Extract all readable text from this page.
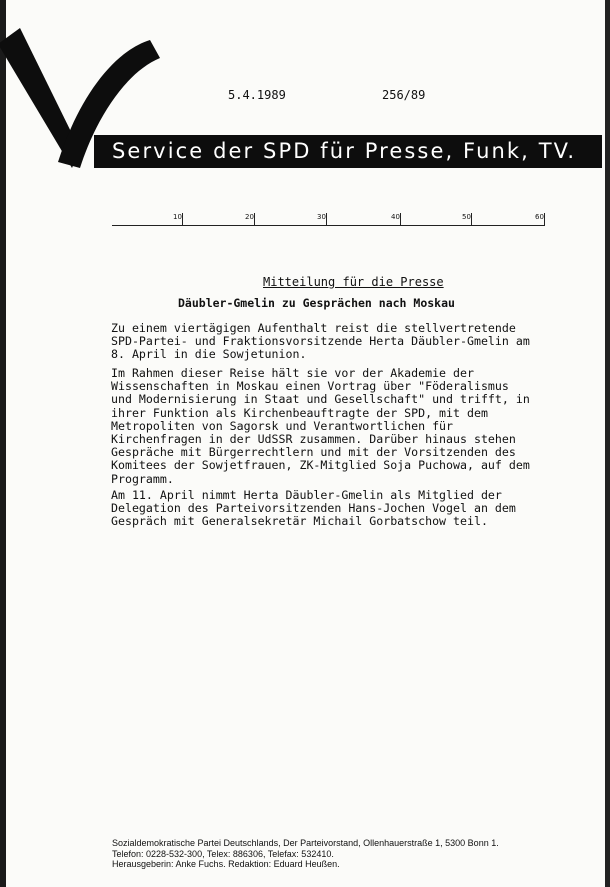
Service der SPD für Presse, Funk, TV.
5.4.1989	256/89
10	20	30	40	50	60
Mitteilung für die Presse
Däubler-Gmelin zu Gesprächen nach Moskau
Zu einem viertägigen Aufenthalt reist die stellvertretende
SPD-Partei- und Fraktionsvorsitzende Herta Däubler-Gmelin am
8. April in die Sowjetunion.
Im Rahmen dieser Reise hält sie vor der Akademie der
Wissenschaften in Moskau einen Vortrag über "Föderalismus
und Modernisierung in Staat und Gesellschaft" und trifft, in
ihrer Funktion als Kirchenbeauftragte der SPD, mit dem
Metropoliten von Sagorsk und Verantwortlichen für
Kirchenfragen in der UdSSR zusammen. Darüber hinaus stehen
Gespräche mit Bürgerrechtlern und mit der Vorsitzenden des
Komitees der Sowjetfrauen, ZK-Mitglied Soja Puchowa, auf dem
Programm.
Am 11. April nimmt Herta Däubler-Gmelin als Mitglied der
Delegation des Parteivorsitzenden Hans-Jochen Vogel an dem
Gespräch mit Generalsekretär Michail Gorbatschow teil.
Sozialdemokratische Partei Deutschlands, Der Parteivorstand, Ollenhauerstraße 1, 5300 Bonn 1.
Telefon: 0228-532-300, Telex: 886306, Telefax: 532410.
Herausgeberin: Anke Fuchs. Redaktion: Eduard Heußen.
